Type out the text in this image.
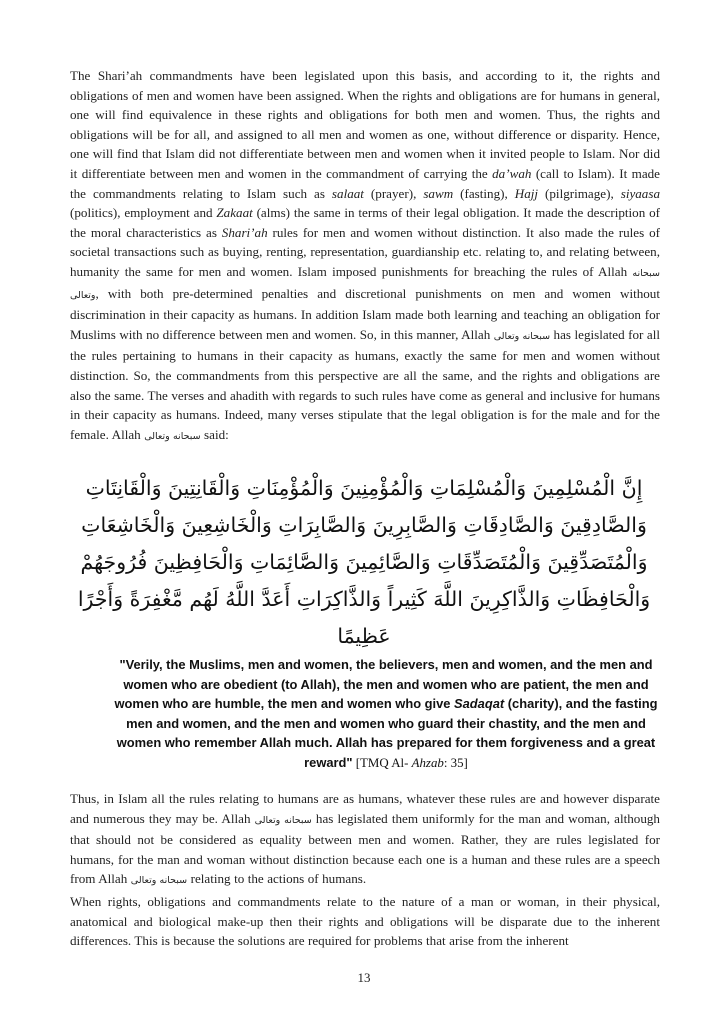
The Shari’ah commandments have been legislated upon this basis, and according to it, the rights and obligations of men and women have been assigned. When the rights and obligations are for humans in general, one will find equivalence in these rights and obligations for both men and women. Thus, the rights and obligations will be for all, and assigned to all men and women as one, without difference or disparity. Hence, one will find that Islam did not differentiate between men and women when it invited people to Islam. Nor did it differentiate between men and women in the commandment of carrying the da’wah (call to Islam). It made the commandments relating to Islam such as salaat (prayer), sawm (fasting), Hajj (pilgrimage), siyaasa (politics), employment and Zakaat (alms) the same in terms of their legal obligation. It made the description of the moral characteristics as Shari’ah rules for men and women without distinction. It also made the rules of societal transactions such as buying, renting, representation, guardianship etc. relating to, and relating between, humanity the same for men and women. Islam imposed punishments for breaching the rules of Allah سبحانه وتعالى, with both pre-determined penalties and discretional punishments on men and women without discrimination in their capacity as humans. In addition Islam made both learning and teaching an obligation for Muslims with no difference between men and women. So, in this manner, Allah سبحانه وتعالى has legislated for all the rules pertaining to humans in their capacity as humans, exactly the same for men and women without distinction. So, the commandments from this perspective are all the same, and the rights and obligations are also the same. The verses and ahadith with regards to such rules have come as general and inclusive for humans in their capacity as humans. Indeed, many verses stipulate that the legal obligation is for the male and for the female. Allah سبحانه وتعالى said:

إِنَّ الْمُسْلِمِينَ وَالْمُسْلِمَاتِ وَالْمُؤْمِنِينَ وَالْمُؤْمِنَاتِ وَالْقَانِتِينَ وَالْقَانِتَاتِ وَالصَّادِقِينَ وَالصَّادِقَاتِ وَالصَّابِرِينَ وَالصَّابِرَاتِ وَالْخَاشِعِينَ وَالْخَاشِعَاتِ وَالْمُتَصَدِّقِينَ وَالْمُتَصَدِّقَاتِ وَالصَّائِمِينَ وَالصَّائِمَاتِ وَالْحَافِظِينَ فُرُوجَهُمْ وَالْحَافِظَاتِ وَالذَّاكِرِينَ اللَّهَ كَثِيراً وَالذَّاكِرَاتِ أَعَدَّ اللَّهُ لَهُم مَّغْفِرَةً وَأَجْرًا عَظِيمًا
"Verily, the Muslims, men and women, the believers, men and women, and the men and women who are obedient (to Allah), the men and women who are patient, the men and women who are humble, the men and women who give Sadaqat (charity), and the fasting men and women, and the men and women who guard their chastity, and the men and women who remember Allah much. Allah has prepared for them forgiveness and a great reward" [TMQ Al- Ahzab: 35]

Thus, in Islam all the rules relating to humans are as humans, whatever these rules are and however disparate and numerous they may be. Allah سبحانه وتعالى has legislated them uniformly for the man and woman, although that should not be considered as equality between men and women. Rather, they are rules legislated for humans, for the man and woman without distinction because each one is a human and these rules are a speech from Allah سبحانه وتعالى relating to the actions of humans.

When rights, obligations and commandments relate to the nature of a man or woman, in their physical, anatomical and biological make-up then their rights and obligations will be disparate due to the inherent differences. This is because the solutions are required for problems that arise from the inherent

13
